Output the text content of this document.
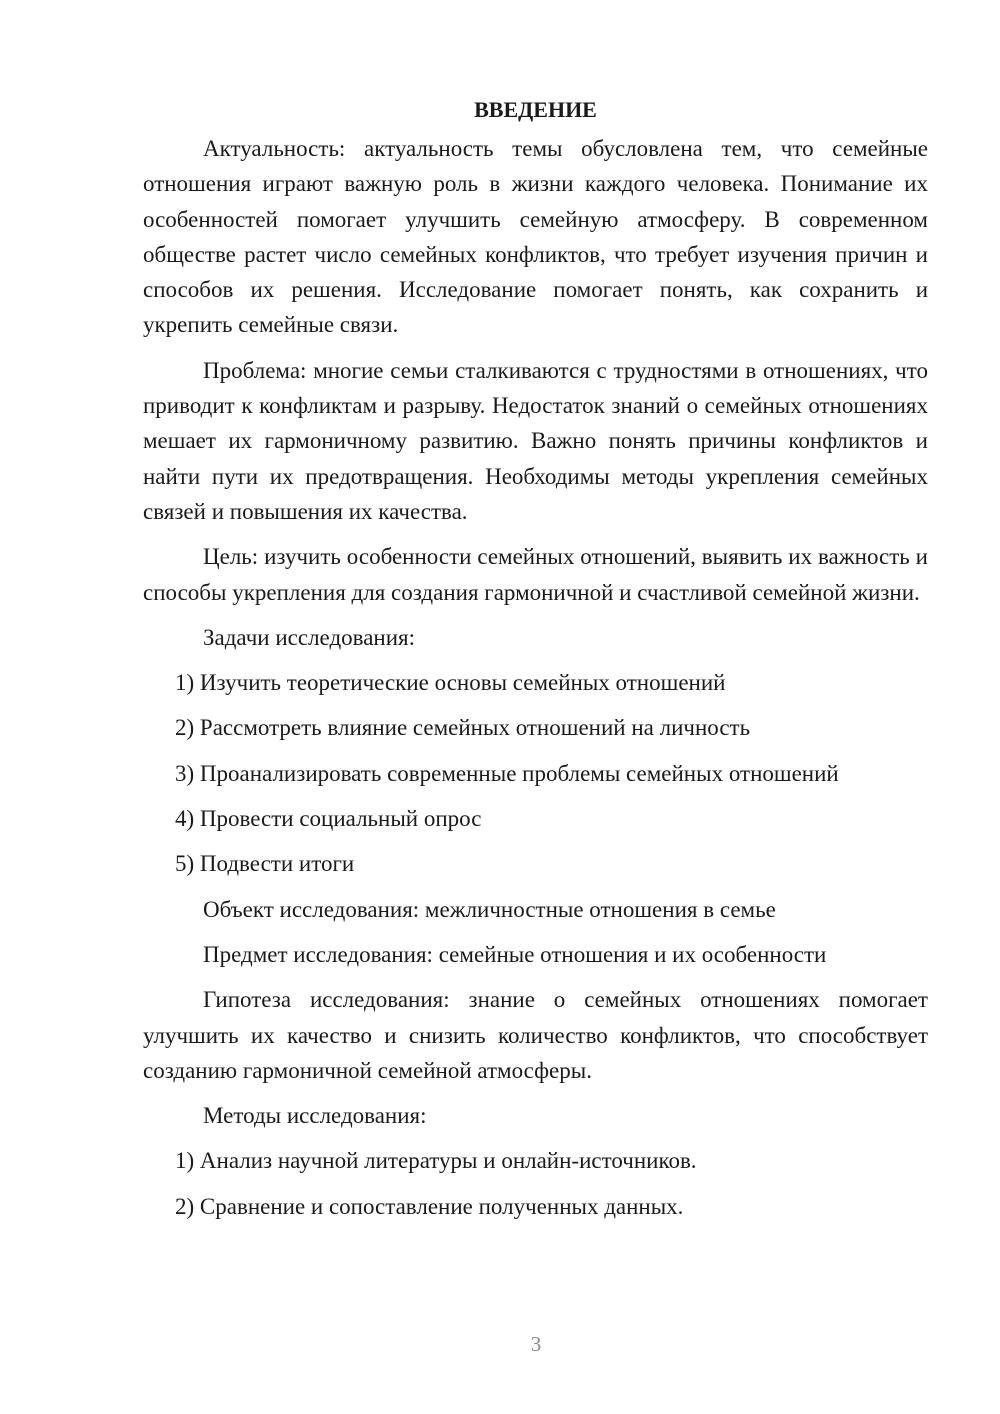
ВВЕДЕНИЕ
Актуальность: актуальность темы обусловлена тем, что семейные отношения играют важную роль в жизни каждого человека. Понимание их особенностей помогает улучшить семейную атмосферу. В современном обществе растет число семейных конфликтов, что требует изучения причин и способов их решения. Исследование помогает понять, как сохранить и укрепить семейные связи.
Проблема: многие семьи сталкиваются с трудностями в отношениях, что приводит к конфликтам и разрыву. Недостаток знаний о семейных отношениях мешает их гармоничному развитию. Важно понять причины конфликтов и найти пути их предотвращения. Необходимы методы укрепления семейных связей и повышения их качества.
Цель: изучить особенности семейных отношений, выявить их важность и способы укрепления для создания гармоничной и счастливой семейной жизни.
Задачи исследования:
1) Изучить теоретические основы семейных отношений
2) Рассмотреть влияние семейных отношений на личность
3) Проанализировать современные проблемы семейных отношений
4) Провести социальный опрос
5) Подвести итоги
Объект исследования: межличностные отношения в семье
Предмет исследования: семейные отношения и их особенности
Гипотеза исследования: знание о семейных отношениях помогает улучшить их качество и снизить количество конфликтов, что способствует созданию гармоничной семейной атмосферы.
Методы исследования:
1) Анализ научной литературы и онлайн-источников.
2) Сравнение и сопоставление полученных данных.
3
